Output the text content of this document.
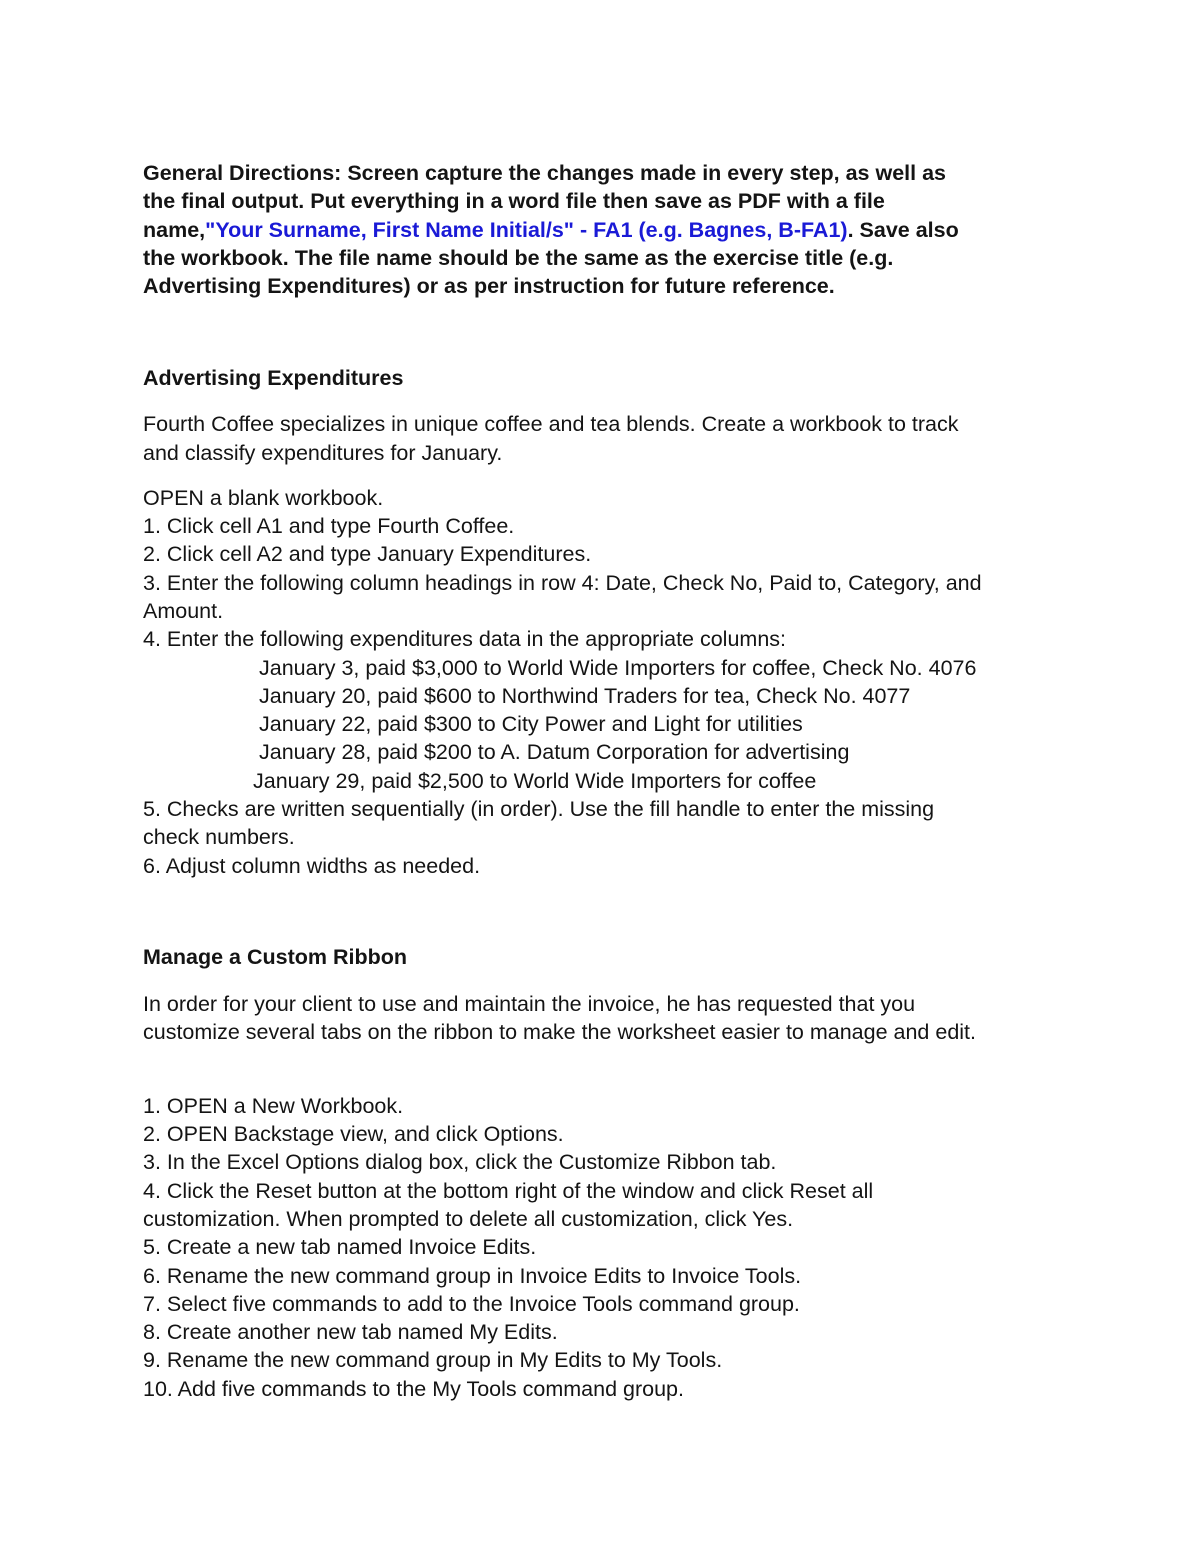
General Directions: Screen capture the changes made in every step, as well as
the final output. Put everything in a word file then save as PDF with a file
name,"Your Surname, First Name Initial/s" - FA1 (e.g. Bagnes, B-FA1). Save also
the workbook. The file name should be the same as the exercise title (e.g.
Advertising Expenditures) or as per instruction for future reference.
Advertising Expenditures
Fourth Coffee specializes in unique coffee and tea blends. Create a workbook to track
and classify expenditures for January.
OPEN a blank workbook.
1. Click cell A1 and type Fourth Coffee.
2. Click cell A2 and type January Expenditures.
3. Enter the following column headings in row 4: Date, Check No, Paid to, Category, and
Amount.
4. Enter the following expenditures data in the appropriate columns:
January 3, paid $3,000 to World Wide Importers for coffee, Check No. 4076
January 20, paid $600 to Northwind Traders for tea, Check No. 4077
January 22, paid $300 to City Power and Light for utilities
January 28, paid $200 to A. Datum Corporation for advertising
January 29, paid $2,500 to World Wide Importers for coffee
5. Checks are written sequentially (in order). Use the fill handle to enter the missing
check numbers.
6. Adjust column widths as needed.
Manage a Custom Ribbon
In order for your client to use and maintain the invoice, he has requested that you
customize several tabs on the ribbon to make the worksheet easier to manage and edit.
1. OPEN a New Workbook.
2. OPEN Backstage view, and click Options.
3. In the Excel Options dialog box, click the Customize Ribbon tab.
4. Click the Reset button at the bottom right of the window and click Reset all
customization. When prompted to delete all customization, click Yes.
5. Create a new tab named Invoice Edits.
6. Rename the new command group in Invoice Edits to Invoice Tools.
7. Select five commands to add to the Invoice Tools command group.
8. Create another new tab named My Edits.
9. Rename the new command group in My Edits to My Tools.
10. Add five commands to the My Tools command group.
